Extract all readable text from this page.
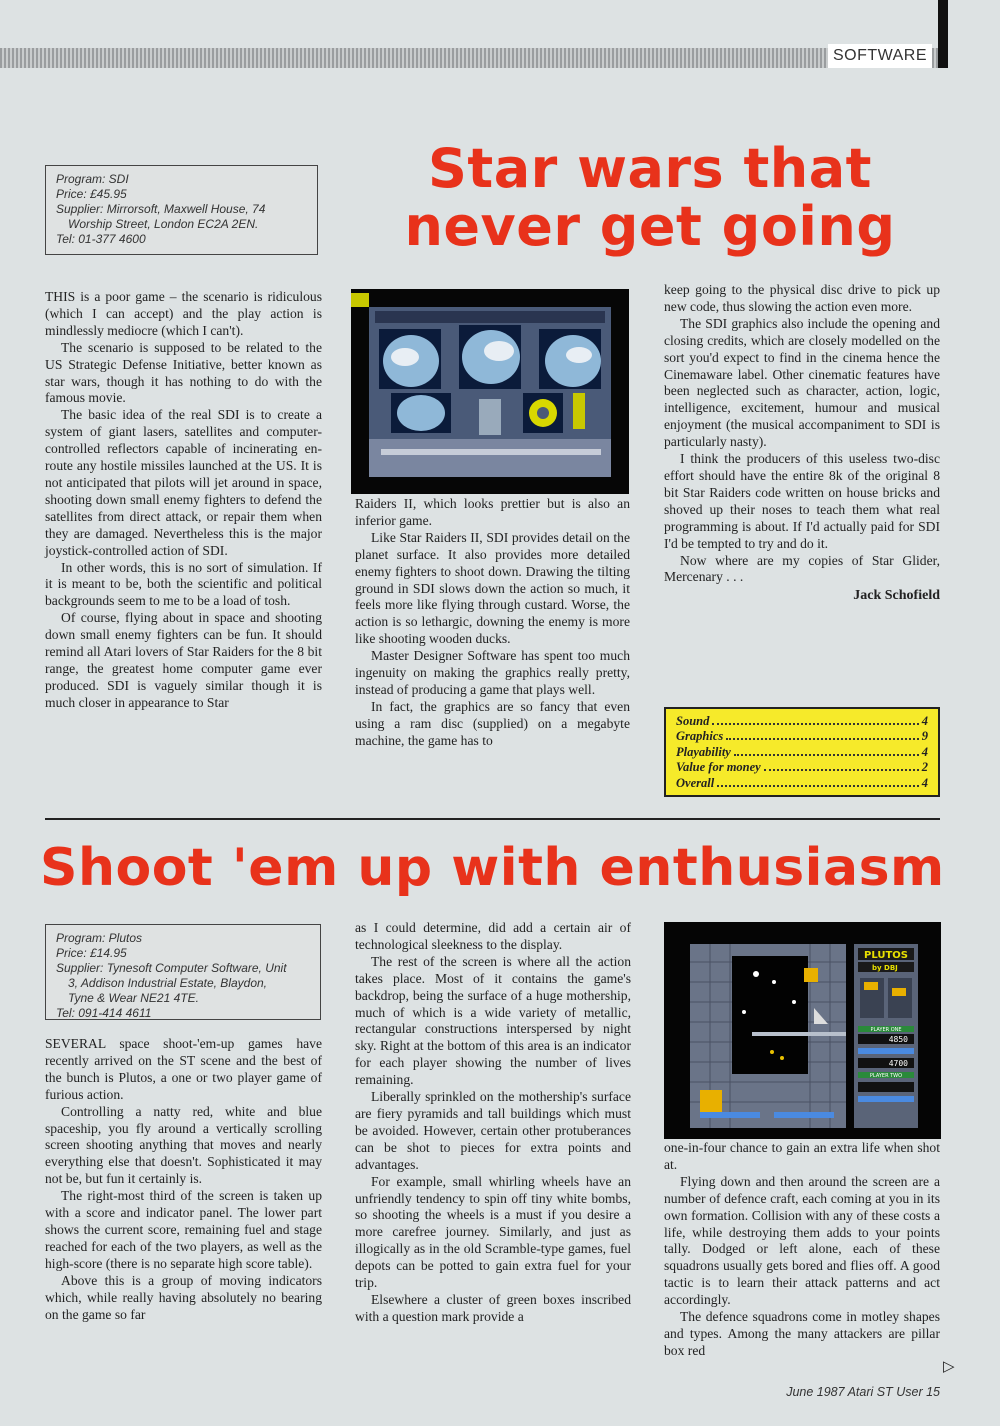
SOFTWARE
Program: SDI
Price: £45.95
Supplier: Mirrorsoft, Maxwell House, 74
Worship Street, London EC2A 2EN.
Tel: 01-377 4600
Star wars that
never get going

THIS is a poor game – the scenario is ridiculous (which I can accept) and the play action is mindlessly mediocre (which I can't).

The scenario is supposed to be related to the US Strategic Defense Initiative, better known as star wars, though it has nothing to do with the famous movie.

The basic idea of the real SDI is to create a system of giant lasers, satellites and computer-controlled reflectors capable of incinerating en-route any hostile missiles launched at the US. It is not anticipated that pilots will jet around in space, shooting down small enemy fighters to defend the satellites from direct attack, or repair them when they are damaged. Nevertheless this is the major joystick-controlled action of SDI.

In other words, this is no sort of simulation. If it is meant to be, both the scientific and political backgrounds seem to me to be a load of tosh.

Of course, flying about in space and shooting down small enemy fighters can be fun. It should remind all Atari lovers of Star Raiders for the 8 bit range, the greatest home computer game ever produced. SDI is vaguely similar though it is much closer in appearance to Star

Raiders II, which looks prettier but is also an inferior game.

Like Star Raiders II, SDI provides detail on the planet surface. It also provides more detailed enemy fighters to shoot down. Drawing the tilting ground in SDI slows down the action so much, it feels more like flying through custard. Worse, the action is so lethargic, downing the enemy is more like shooting wooden ducks.

Master Designer Software has spent too much ingenuity on making the graphics really pretty, instead of producing a game that plays well.

In fact, the graphics are so fancy that even using a ram disc (supplied) on a megabyte machine, the game has to

keep going to the physical disc drive to pick up new code, thus slowing the action even more.

The SDI graphics also include the opening and closing credits, which are closely modelled on the sort you'd expect to find in the cinema hence the Cinemaware label. Other cinematic features have been neglected such as character, action, logic, intelligence, excitement, humour and musical enjoyment (the musical accompaniment to SDI is particularly nasty).

I think the producers of this useless two-disc effort should have the entire 8k of the original 8 bit Star Raiders code written on house bricks and shoved up their noses to teach them what real programming is about. If I'd actually paid for SDI I'd be tempted to try and do it.

Now where are my copies of Star Glider, Mercenary . . .

Jack Schofield
Sound	4
Graphics	9
Playability	4
Value for money	2
Overall	4
Shoot 'em up with enthusiasm
Program: Plutos
Price: £14.95
Supplier: Tynesoft Computer Software, Unit
3, Addison Industrial Estate, Blaydon,
Tyne & Wear NE21 4TE.
Tel: 091-414 4611

SEVERAL space shoot-'em-up games have recently arrived on the ST scene and the best of the bunch is Plutos, a one or two player game of furious action.

Controlling a natty red, white and blue spaceship, you fly around a vertically scrolling screen shooting anything that moves and nearly everything else that doesn't. Sophisticated it may not be, but fun it certainly is.

The right-most third of the screen is taken up with a score and indicator panel. The lower part shows the current score, remaining fuel and stage reached for each of the two players, as well as the high-score (there is no separate high score table).

Above this is a group of moving indicators which, while really having absolutely no bearing on the game so far

as I could determine, did add a certain air of technological sleekness to the display.

The rest of the screen is where all the action takes place. Most of it contains the game's backdrop, being the surface of a huge mothership, much of which is a wide variety of metallic, rectangular constructions interspersed by night sky. Right at the bottom of this area is an indicator for each player showing the number of lives remaining.

Liberally sprinkled on the mothership's surface are fiery pyramids and tall buildings which must be avoided. However, certain other protuberances can be shot to pieces for extra points and advantages.

For example, small whirling wheels have an unfriendly tendency to spin off tiny white bombs, so shooting the wheels is a must if you desire a more carefree journey. Similarly, and just as illogically as in the old Scramble-type games, fuel depots can be potted to gain extra fuel for your trip.

Elsewhere a cluster of green boxes inscribed with a question mark provide a

PLUTOS
by DBJ
PLAYER ONE
4850
4700
PLAYER TWO

one-in-four chance to gain an extra life when shot at.

Flying down and then around the screen are a number of defence craft, each coming at you in its own formation. Collision with any of these costs a life, while destroying them adds to your points tally. Dodged or left alone, each of these squadrons usually gets bored and flies off. A good tactic is to learn their attack patterns and act accordingly.

The defence squadrons come in motley shapes and types. Among the many attackers are pillar box red

▷
June 1987 Atari ST User 15
